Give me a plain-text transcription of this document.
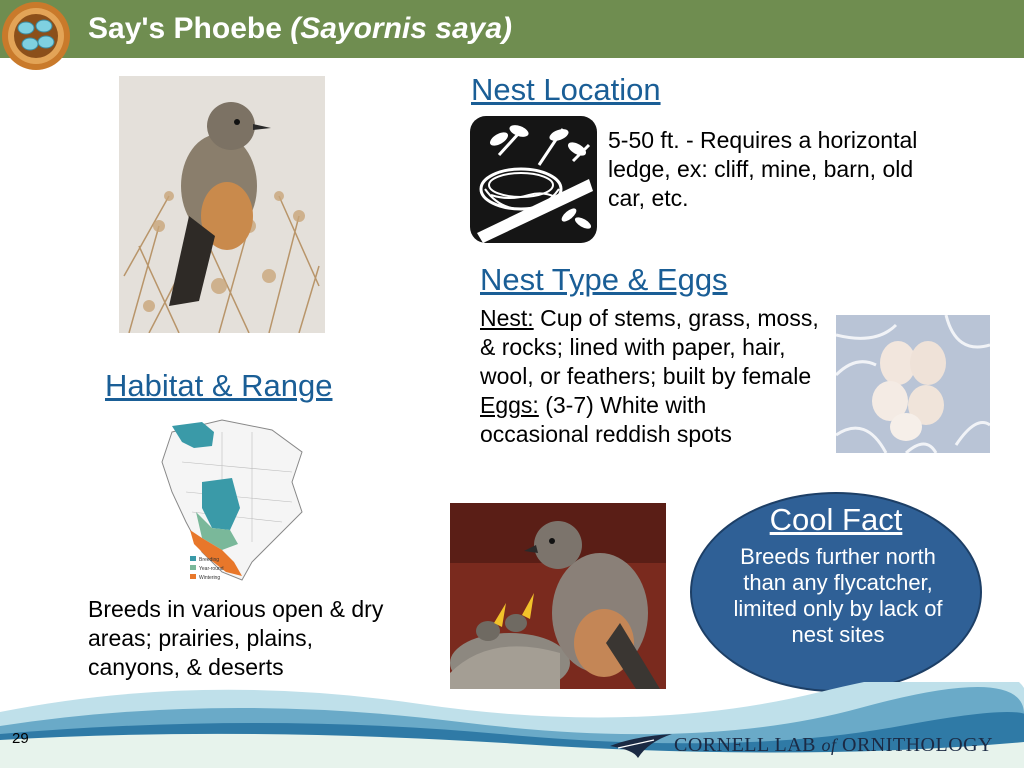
Say's Phoebe (Sayornis saya)
Nest Location
5-50 ft. - Requires a horizontal ledge, ex: cliff, mine, barn, old car, etc.
Nest Type & Eggs
Nest: Cup of stems, grass, moss, & rocks; lined with paper, hair, wool, or feathers; built by female
Eggs: (3-7) White with occasional reddish spots
Habitat & Range
Breeding
Year-round
Wintering
Breeds in various open & dry areas; prairies, plains, canyons, & deserts
Cool Fact
Breeds further north than any flycatcher, limited only by lack of nest sites
29	CORNELL LAB of ORNITHOLOGY
